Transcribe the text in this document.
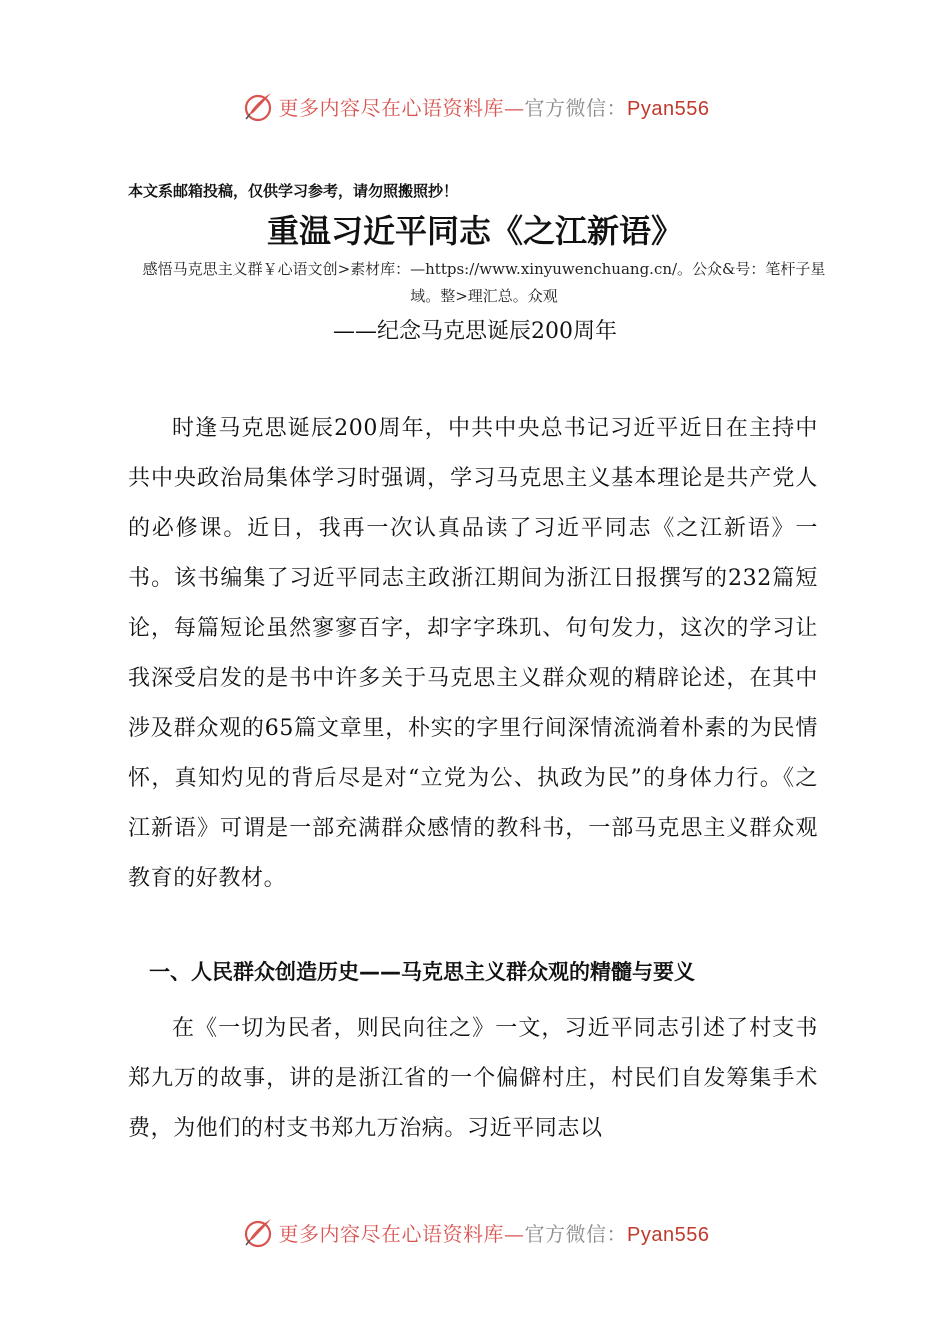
更多内容尽在心语资料库—官方微信：Pyan556
本文系邮箱投稿，仅供学习参考，请勿照搬照抄！
重温习近平同志《之江新语》
感悟马克思主义群￥心语文创>素材库：—https://www.xinyuwenchuang.cn/。公众&号：笔杆子星域。整>理汇总。众观
——纪念马克思诞辰200周年

时逢马克思诞辰200周年，中共中央总书记习近平近日在主持中共中央政治局集体学习时强调，学习马克思主义基本理论是共产党人的必修课。近日，我再一次认真品读了习近平同志《之江新语》一书。该书编集了习近平同志主政浙江期间为浙江日报撰写的232篇短论，每篇短论虽然寥寥百字，却字字珠玑、句句发力，这次的学习让我深受启发的是书中许多关于马克思主义群众观的精辟论述，在其中涉及群众观的65篇文章里，朴实的字里行间深情流淌着朴素的为民情怀，真知灼见的背后尽是对“立党为公、执政为民”的身体力行。《之江新语》可谓是一部充满群众感情的教科书，一部马克思主义群众观教育的好教材。

一、人民群众创造历史——马克思主义群众观的精髓与要义

在《一切为民者，则民向往之》一文，习近平同志引述了村支书郑九万的故事，讲的是浙江省的一个偏僻村庄，村民们自发筹集手术费，为他们的村支书郑九万治病。习近平同志以

更多内容尽在心语资料库—官方微信：Pyan556
